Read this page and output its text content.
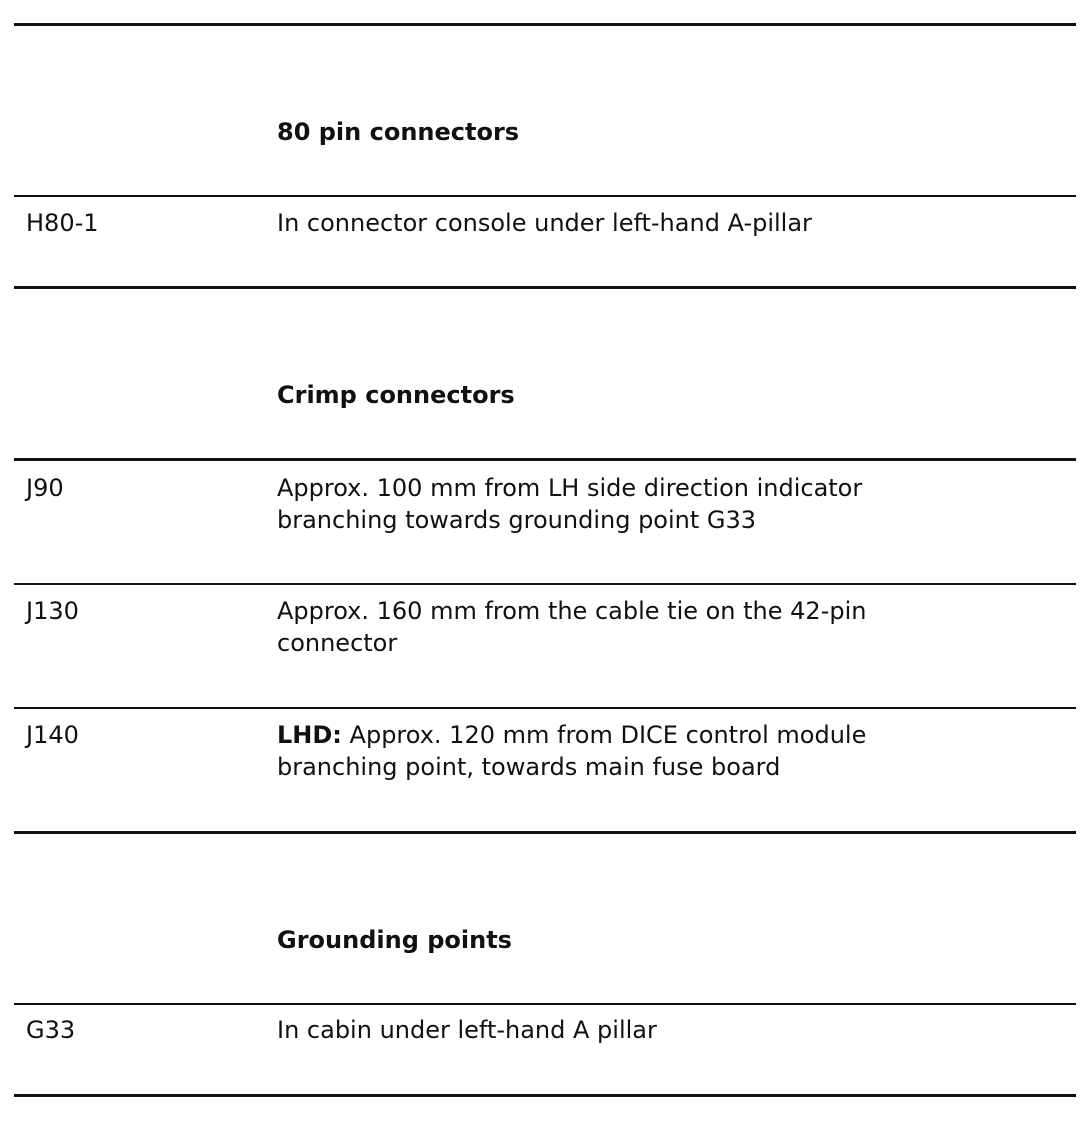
80 pin connectors
H80-1	In connector console under left-hand A-pillar
Crimp connectors
J90	Approx. 100 mm from LH side direction indicator
branching towards grounding point G33
J130	Approx. 160 mm from the cable tie on the 42-pin
connector
J140	LHD: Approx. 120 mm from DICE control module
branching point, towards main fuse board
Grounding points
G33	In cabin under left-hand A pillar
